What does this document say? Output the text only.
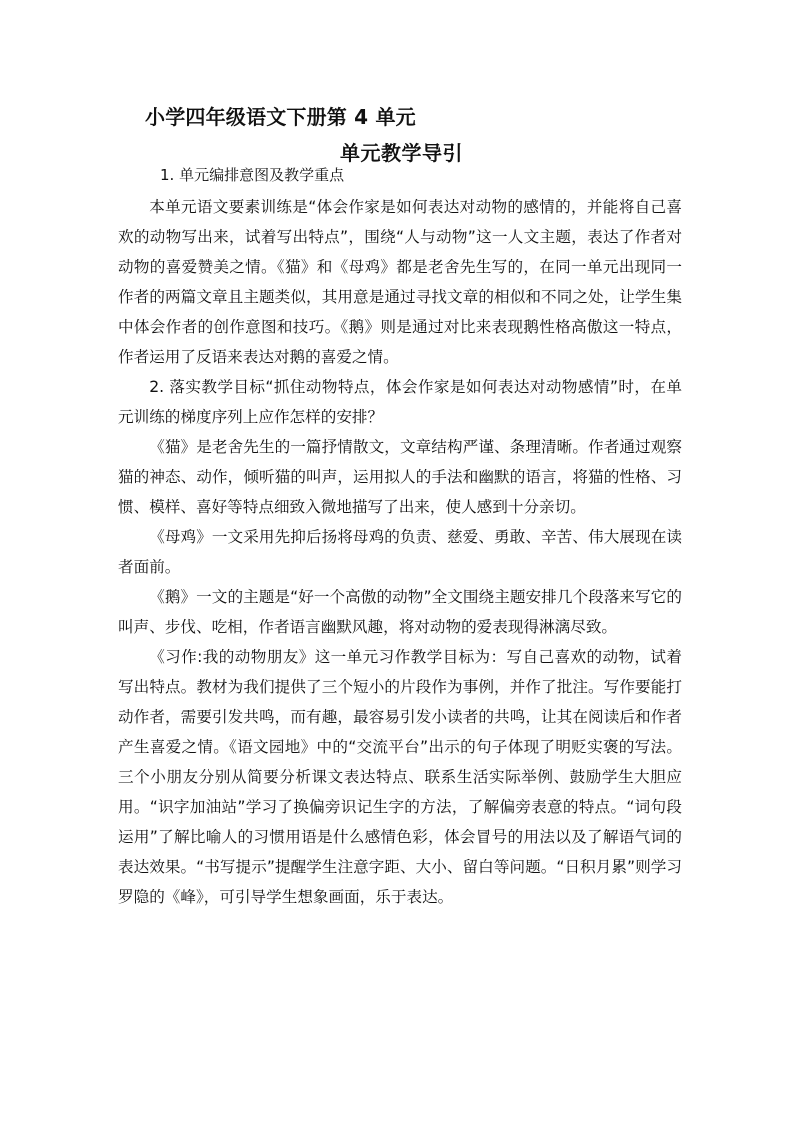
小学四年级语文下册第 4 单元
单元教学导引
1. 单元编排意图及教学重点

本单元语文要素训练是“体会作家是如何表达对动物的感情的，并能将自己喜欢的动物写出来，试着写出特点”，围绕“人与动物”这一人文主题，表达了作者对动物的喜爱赞美之情。《猫》和《母鸡》都是老舍先生写的，在同一单元出现同一作者的两篇文章且主题类似，其用意是通过寻找文章的相似和不同之处，让学生集中体会作者的创作意图和技巧。《鹅》则是通过对比来表现鹅性格高傲这一特点，作者运用了反语来表达对鹅的喜爱之情。

2. 落实教学目标“抓住动物特点，体会作家是如何表达对动物感情”时，在单元训练的梯度序列上应作怎样的安排？

《猫》是老舍先生的一篇抒情散文，文章结构严谨、条理清晰。作者通过观察猫的神态、动作，倾听猫的叫声，运用拟人的手法和幽默的语言，将猫的性格、习惯、模样、喜好等特点细致入微地描写了出来，使人感到十分亲切。

《母鸡》一文采用先抑后扬将母鸡的负责、慈爱、勇敢、辛苦、伟大展现在读者面前。

《鹅》一文的主题是“好一个高傲的动物”全文围绕主题安排几个段落来写它的叫声、步伐、吃相，作者语言幽默风趣，将对动物的爱表现得淋漓尽致。

《习作:我的动物朋友》这一单元习作教学目标为：写自己喜欢的动物，试着写出特点。教材为我们提供了三个短小的片段作为事例，并作了批注。写作要能打动作者，需要引发共鸣，而有趣，最容易引发小读者的共鸣，让其在阅读后和作者产生喜爱之情。《语文园地》中的“交流平台”出示的句子体现了明贬实褒的写法。三个小朋友分别从简要分析课文表达特点、联系生活实际举例、鼓励学生大胆应用。“识字加油站”学习了换偏旁识记生字的方法，了解偏旁表意的特点。“词句段运用”了解比喻人的习惯用语是什么感情色彩，体会冒号的用法以及了解语气词的表达效果。“书写提示”提醒学生注意字距、大小、留白等问题。“日积月累”则学习罗隐的《峰》，可引导学生想象画面，乐于表达。
